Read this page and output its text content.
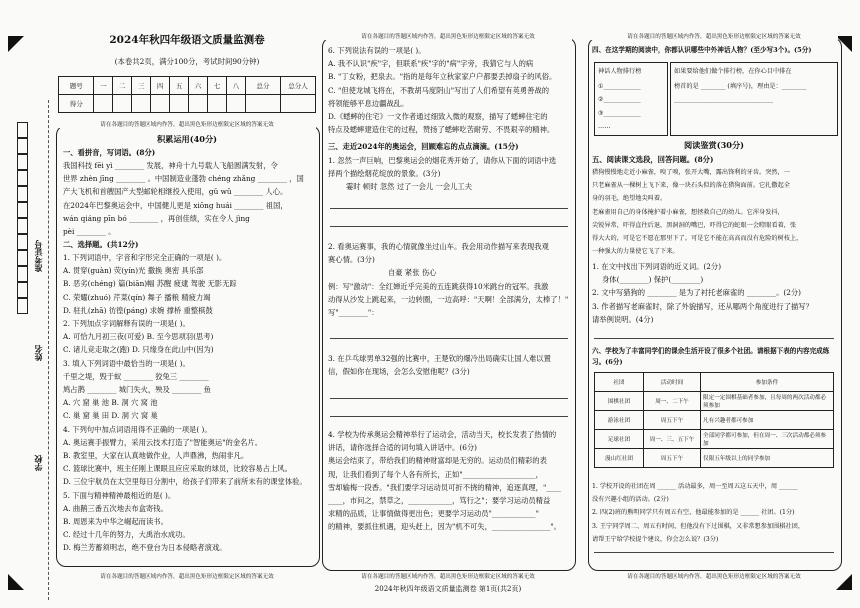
准考证号
姓名
学校
2024年秋四年级语文质量监测卷
(本卷共2页，满分100分，考试时间90分钟)
题号	一	二	三	四	五	六	七	八	总分	总分人
得分										
请在各题目的答题区域内作答，超出黑色矩形边框限定区域的答案无效
积累运用(40分)
一、看拼音，写词语。(8分)
我国科技 fēi yì ________ 发展，神舟十九号载人飞船圆满发射，令
世界 zhèn jīng ________ 。中国制造业蓬勃 chéng zhǎng ________ ，国
产大飞机和首艘国产大型邮轮相继投入使用，gǔ wǔ ________ 人心。
在2024年巴黎奥运会中，中国健儿更是 xiōng huái ________ 祖国，
wán qiáng pīn bó ________ ，再创佳绩，实在令人 jìng
pèi ________ 。
二、选择题。(共12分)
1. 下列词语中，字音和字形完全正确的一项是( )。
A. 贯穿(guàn) 荧(yín)光 撒换 奥密 具乐部
B. 恶劣(chéng) 篇(biān)幅 苏醒 疲逮 驾驶 无影无踪
C. 荣耀(zhuó) 芹菜(qín) 舞子 播粮 精疲力竭
D. 驻扎(zhā) 彷徨(páng) 求婉 撑桥 重整棋鼓
2. 下列加点字词解释有误的一项是( )。
A. 可恰九月初三夜(可爱) B. 至今思项羽(思考)
C. 诸儿竞走取之(跑) D. 只缘身在此山中(因为)
3. 填入下列词语中最恰当的一项是( )。
千里之堤，毁于蚁 ________ 狡兔三 ________
鸠占鹊 ________ 城门失火，殃及 ________ 鱼
A. 穴 窟 巢 池 B. 洞 穴 窝 池
C. 巢 窟 巢 田 D. 洞 穴 窝 巢
4. 下列句中加点词语用得不正确的一项是( )。
A. 奥运赛手振臂力，采用云技术打造了"智能奥运"的金名片。
B. 教室里，大家在认真地做作业，人声鼎沸，热闹非凡。
C. 篮球比赛中，班主任刚上课眼且应应采取的球员，比较容易占上风。
D. 三位宇航员在太空里每日分割中，给孩子们带来了前所未有的课堂体验。
5. 下面与精神精神最相近的是( )。
A. 曲鹅三番五次地去布盒寄钱。
B. 周恩来为中华之崛起而读书。
C. 经过十几年的努力，大禹治水成功。
D. 梅兰芳蓄须明志，绝不登台为日本侵略者演戏。
请在各题目的答题区域内作答，超出黑色矩形边框限定区域的答案无效
请在各题目的答题区域内作答，超出黑色矩形边框限定区域的答案无效
6. 下列说法有误的一项是( )。
A. 我不认识"疾"字，但联系"疾"字的"病"字旁，我猜它与人的病
B. "丁女粉，把泉去。"指的是每年立秋家家户户都要丢掉扇子的风俗。
C. "但使龙城飞将在，不教胡马度阴山"写出了人们希望有英勇善战的
将领能够平息边疆战乱。
D.《蟋蟀的住宅》一文作者通过细致入微的观察，描写了蟋蟀住宅的
特点及蟋蟀建造住宅的过程，赞扬了蟋蟀吃苦耐劳、不畏艰辛的精神。
三、走近2024年的奥运会，回顾难忘的点点滴滴。(15分)
1. 忽然一声巨响，巴黎奥运会的烟花秀开始了，请你从下面的词语中选
择两个描绘烟花绽放的景象。(3分)
霎时 顿时 忽然 过了一会儿 一会儿工夫
2. 看奥运赛事，我的心情就像坐过山车。我会用动作描写来表现我观
赛心情。(3分)
自豪 紧张 伤心
例：写"激动"：全红婵近乎完美的五连跳获得10米跳台的冠军。我激
动得从沙发上跳起来，一边转圈，一边高呼："天啊！全部满分，太棒了！"
写"________"：
3. 在乒乓球男单32强的比赛中，王楚钦的爆冷出局确实让国人难以置
信，假如你在现场，会怎么安慰他呢？(3分)
4. 学校为传承奥运会精神举行了运动会，活动当天，校长发表了热情的
讲话，请你选择合适的词句填入讲话中。(6分)
奥运会结束了，带给我们的精神财富却是无穷的。运动员们精彩的表
现，让我们看到了每个人各有所长，正如"____________________，
雪却输梅一段香。"我们要学习运动员可折不挠的精神，追逐真理，"____
____，市问之，禁草之，____________，笃行之"；要学习运动员精益
求精的品质，让事情做得更出色；更要学习运动员"____________"
的精神，要抓住机遇，迎头赶上，因为"机不可失，________________"。
请在各题目的答题区域内作答，超出黑色矩形边框限定区域的答案无效
请在各题目的答题区域内作答，超出黑色矩形边框限定区域的答案无效
四、在这学期的阅读中，你都认识哪些中外神话人物？(至少写3个)。(5分)
神话人物排行榜
①____________
②____________
③____________
……
如果要给他们做个排行榜，在你心目中排在
榜首的是 ________ (填序号)，理由是：________
________________________________
阅读鉴赏(30分)
五、阅读课文选段，回答问题。(8分)
猎狗慢慢地走近小麻雀，嗅了嗅，张开大嘴，露出锋利的牙齿。突然，一
只老麻雀从一棵树上飞下来，像一块石头似的落在猎狗面前。它扎撒起全
身的羽毛，绝望地尖叫着。
老麻雀用自己的身体掩护着小麻雀，想拯救自己的幼儿。它浑身发抖，
尖锐异常，吓得直往后退，黑洞洞的嘴巴，吓得它的蛇眼一会瞪眼看着，张
得大大的，可是它不愿在那里下了。可是它不能在高高而没有危险的树枝上，
一种强大的力量使它飞了下来。
1. 在文中找出下列词语的近义词。(2分)
身体(________) 保护(________)
2. 文中写猎狗的 ________ 是为了衬托老麻雀的 ________。(2分)
3. 作者描写老麻雀时，除了外貌描写，还从哪两个角度进行了描写？
请举例说明。(4分)
六、学校为了丰富同学们的课余生活开设了很多个社团。请根据下表的内容完成练习。(6分)
社团	活动时间	参加条件
围棋社团	周一、二下午	限定一定围棋基础者参加，且每周的两次活动都必须参加
游泳社团	周五下午	凡有兴趣者都可参加
足球社团	周一、三、五下午	全部同学都可参加，但在周一、三次活动都必须参加
漫山红社团	周五下午	仅限五年级以上的同学参加
1. 学校开设的社团在周 ______ 活动最多，周一至周五这五天中，周 ______
没有兴趣小组的活动。(2分)
2. 四(2)班的熊明同学只有周五有空，他最能参加的是 ______ 社团。(1分)
3. 王宁同学周二、周五有时间，但他没有下过围棋，又非常想参加围棋社团，
请帮王宁给学校提个建议，你会怎么说？(3分)
请在各题目的答题区域内作答，超出黑色矩形边框限定区域的答案无效
2024年秋四年级语文质量监测卷 第1页(共2页)
